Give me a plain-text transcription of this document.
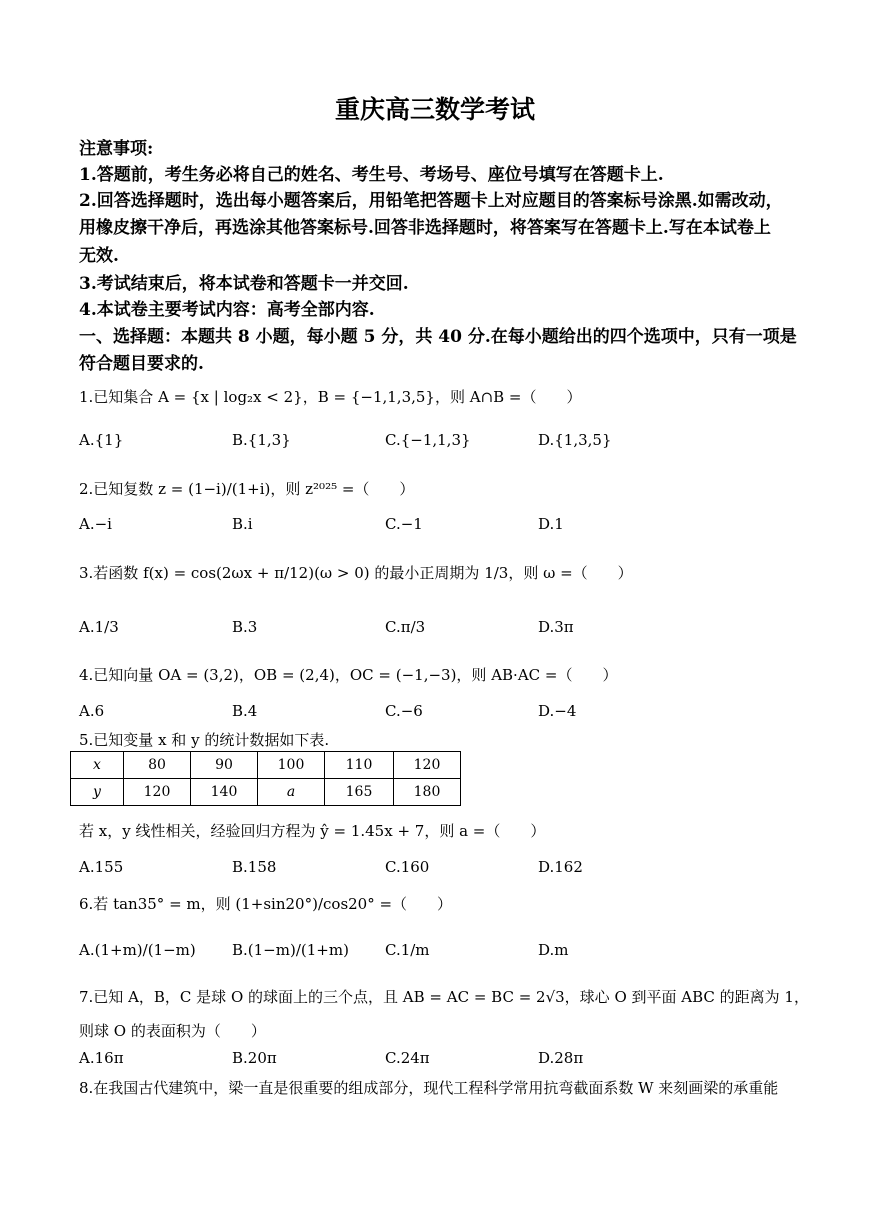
重庆高三数学考试
注意事项:
1.答题前，考生务必将自己的姓名、考生号、考场号、座位号填写在答题卡上.
2.回答选择题时，选出每小题答案后，用铅笔把答题卡上对应题目的答案标号涂黑.如需改动，
用橡皮擦干净后，再选涂其他答案标号.回答非选择题时，将答案写在答题卡上.写在本试卷上
无效.
3.考试结束后，将本试卷和答题卡一并交回.
4.本试卷主要考试内容：高考全部内容.
一、选择题：本题共 8 小题，每小题 5 分，共 40 分.在每小题给出的四个选项中，只有一项是
符合题目要求的.
1.已知集合 A = {x | log₂x < 2}，B = {−1,1,3,5}，则 A∩B =（　　）
A.{1}	B.{1,3}	C.{−1,1,3}	D.{1,3,5}
2.已知复数 z = (1−i)/(1+i)，则 z²⁰²⁵ =（　　）
A.−i	B.i	C.−1	D.1
3.若函数 f(x) = cos(2ωx + π/12)(ω > 0) 的最小正周期为 1/3，则 ω =（　　）
A.1/3	B.3	C.π/3	D.3π
4.已知向量 OA = (3,2)，OB = (2,4)，OC = (−1,−3)，则 AB·AC =（　　）
A.6	B.4	C.−6	D.−4
5.已知变量 x 和 y 的统计数据如下表.
x	80	90	100	110	120
y	120	140	a	165	180
若 x，y 线性相关，经验回归方程为 ŷ = 1.45x + 7，则 a =（　　）
A.155	B.158	C.160	D.162
6.若 tan35° = m，则 (1+sin20°)/cos20° =（　　）
A.(1+m)/(1−m) B.(1−m)/(1+m) C.1/m	D.m
7.已知 A，B，C 是球 O 的球面上的三个点，且 AB = AC = BC = 2√3，球心 O 到平面 ABC 的距离为 1，
则球 O 的表面积为（　　）
A.16π	B.20π	C.24π	D.28π
8.在我国古代建筑中，梁一直是很重要的组成部分，现代工程科学常用抗弯截面系数 W 来刻画梁的承重能
